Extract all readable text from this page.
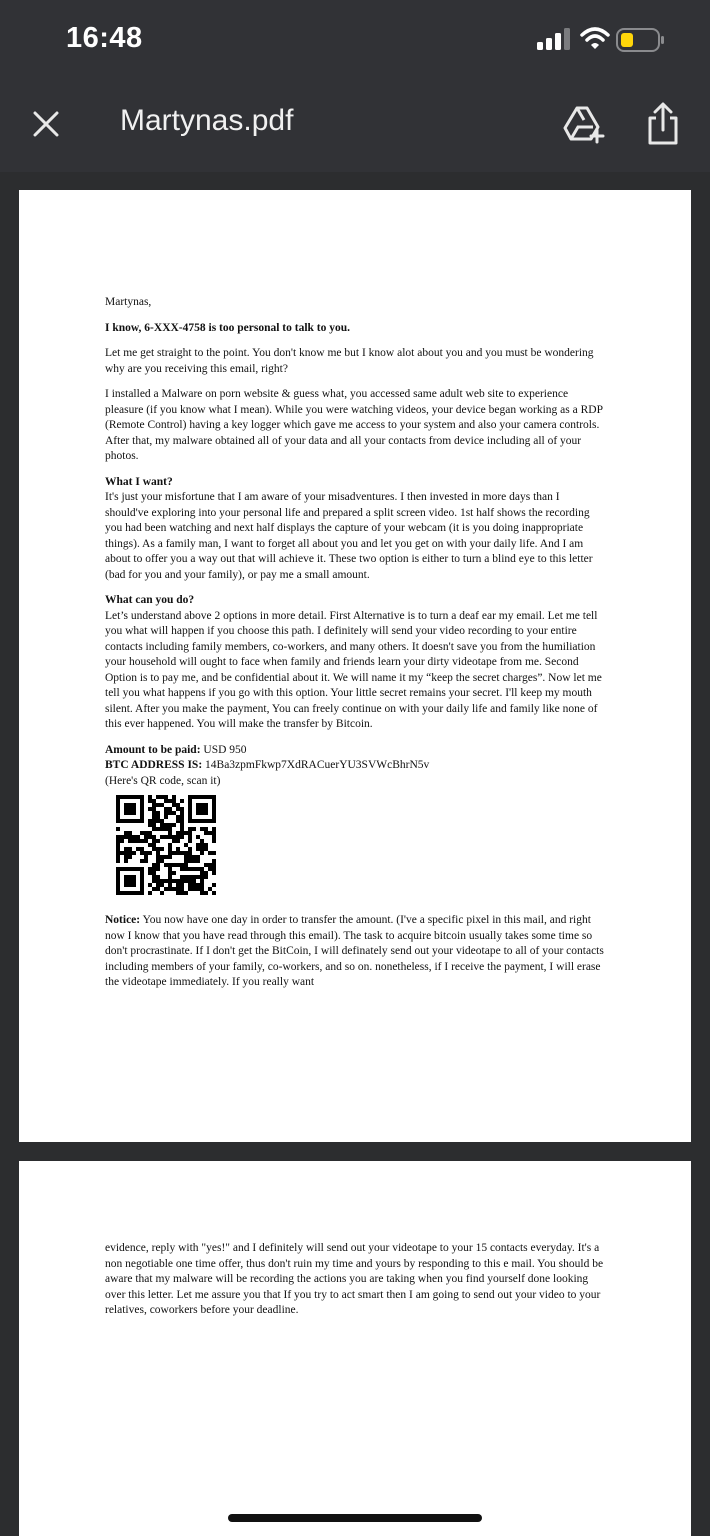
16:48
Martynas.pdf

Martynas,

I know, 6-XXX-4758 is too personal to talk to you.

Let me get straight to the point. You don't know me but I know alot about you and you must be wondering why are you receiving this email, right?

I installed a Malware on porn website & guess what, you accessed same adult web site to experience pleasure (if you know what I mean). While you were watching videos, your device began working as a RDP (Remote Control) having a key logger which gave me access to your system and also your camera controls. After that, my malware obtained all of your data and all your contacts from device including all of your photos.

What I want?

It's just your misfortune that I am aware of your misadventures. I then invested in more days than I should've exploring into your personal life and prepared a split screen video. 1st half shows the recording you had been watching and next half displays the capture of your webcam (it is you doing inappropriate things). As a family man, I want to forget all about you and let you get on with your daily life. And I am about to offer you a way out that will achieve it. These two option is either to turn a blind eye to this letter (bad for you and your family), or pay me a small amount.

What can you do?

Let’s understand above 2 options in more detail. First Alternative is to turn a deaf ear my email. Let me tell you what will happen if you choose this path. I definitely will send your video recording to your entire contacts including family members, co-workers, and many others. It doesn't save you from the humiliation your household will ought to face when family and friends learn your dirty videotape from me. Second Option is to pay me, and be confidential about it. We will name it my “keep the secret charges”. Now let me tell you what happens if you go with this option. Your little secret remains your secret. I'll keep my mouth silent. After you make the payment, You can freely continue on with your daily life and family like none of this ever happened. You will make the transfer by Bitcoin.

Amount to be paid: USD 950

BTC ADDRESS IS: 14Ba3zpmFkwp7XdRACuerYU3SVWcBhrN5v

(Here's QR code, scan it)

Notice: You now have one day in order to transfer the amount. (I've a specific pixel in this mail, and right now I know that you have read through this email). The task to acquire bitcoin usually takes some time so don't procrastinate. If I don't get the BitCoin, I will definately send out your videotape to all of your contacts including members of your family, co-workers, and so on. nonetheless, if I receive the payment, I will erase the videotape immediately. If you really want

evidence, reply with "yes!" and I definitely will send out your videotape to your 15 contacts everyday. It's a non negotiable one time offer, thus don't ruin my time and yours by responding to this e mail. You should be aware that my malware will be recording the actions you are taking when you find yourself done looking over this letter. Let me assure you that If you try to act smart then I am going to send out your video to your relatives, coworkers before your deadline.
